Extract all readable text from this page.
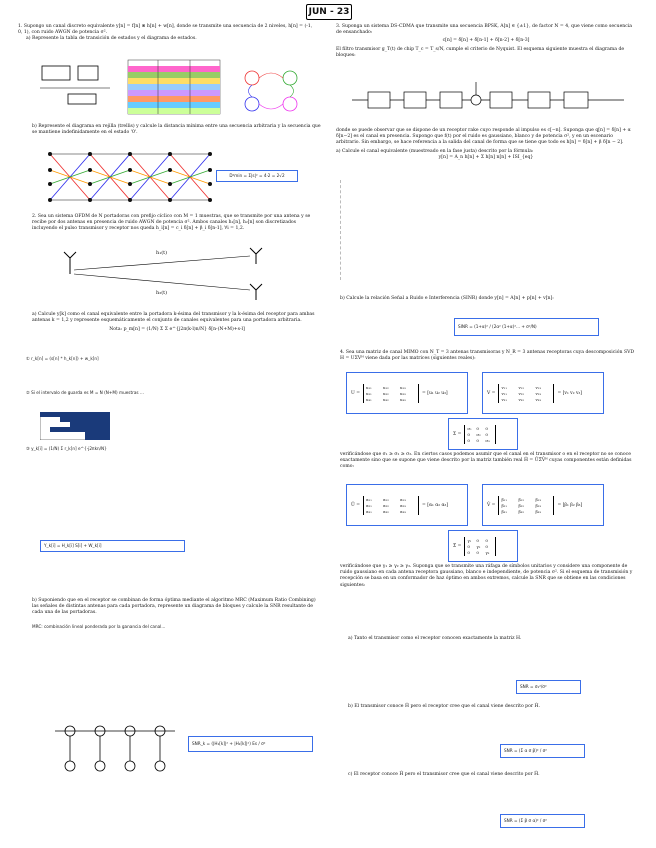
JUN - 23

1. Supongo un canal discreto equivalente y[n] = f[n] ⊗ h[n] + w[n], donde se transmite una secuencia de 2 niveles, h[n] = (-1, 0, 1), con ruido AWGN de potencia σ².

a) Represente la tabla de transición de estados y el diagrama de estados.

b) Represente el diagrama en rejilla (trellis) y calcule la distancia mínima entre una secuencia arbitraria y la secuencia que se mantiene indefinidamente en el estado '0'.

D²min = Σ|s|² = 4·2 = 2√2

2. Sea un sistema OFDM de N portadoras con prefijo cíclico con M = 1 muestras, que se transmite por una antena y se recibe por dos antenas en presencia de ruido AWGN de potencia σ². Ambos canales h₁[n], h₂[n] son discretizados incluyendo el pulso transmisor y receptor nos queda h_i[n] = c_i δ[n] + β_i δ[n-1], ∀i = 1,2.

h₁(t)
h₂(t)

a) Calcule y[k] como el canal equivalente entre la portadora k-ésima del transmisor y la k-ésima del receptor para ambas antenas k = 1,2 y represente esquemáticamente el conjunto de canales equivalentes para una portadora arbitraria.

Nota: p_m[n] = (1/N) Σ Σ e^{j2π(k-l)n/N} δ[n-(N+M)+s-l]

① r_k[n] = (s[n] * h_k[n]) + w_k[n]
② Si el intervalo de guarda es M = N (N+M) muestras ...
③ y_k[i] = (1/N) Σ r_k[n] e^{-j2πkn/N}
Y_k[i] = H_k[i] S[i] + W_k[i]

b) Suponiendo que en el receptor se combinan de forma óptima mediante el algoritmo MRC (Maximum Ratio Combining) las señales de distintas antenas para cada portadora, represente un diagrama de bloques y calcule la SNR resultante de cada una de las portadoras.

MRC: combinación lineal ponderada por la ganancia del canal...
SNR_k = (|H₁[k]|² + |H₂[k]|²) Es / σ²

3. Suponga un sistema DS-CDMA que transmite una secuencia BPSK, A[n] ∈ {±1}, de factor N = 4, que viene como secuencia de ensanchado:

c[n] = δ[n] + δ[n-1] + δ[n-2] + δ[n-3]

El filtro transmisor g_T(t) de chip T_c = T_s/N, cumple el criterio de Nyquist. El esquema siguiente muestra el diagrama de bloques:

donde se puede observar que se dispone de un receptor rake cuyo responde al impulso es c[−n]. Suponga que q[n] = δ[n] + α δ[n−2] es el canal en presencia. Supongo que f(t) por el ruido es gaussiano, blanco y de potencia σ², y en un escenario arbitrario. Sin embargo, se hace referencia a la salida del canal de forma que se tiene que todo es h[n] = δ[n] + β δ[n − 2].

a) Calcule el canal equivalente (muestreado en la fase justa) descrito por la fórmula:

y[n] = A_n h[n] + Σ h[n] n[n] + ISI_{eq}

b) Calcule la relación Señal a Ruido e Interferencia (SINR) donde y[n] = A[n] + p[n] + v[n]:

SINR = (1+α)² / (2α² (1+α)²... + σ²/N)

4. Sea una matriz de canal MIMO con N_T = 3 antenas transmisoras y N_R = 3 antenas receptoras cuya descomposición SVD H = UΣVᴴ viene dada por las matrices (siguientes reales):

U =
u₁₁	u₁₂	u₁₃
u₂₁	u₂₂	u₂₃
u₃₁	u₃₂	u₃₃
= [u₁ u₂ u₃]	V =
v₁₁	v₁₂	v₁₃
v₂₁	v₂₂	v₂₃
v₃₁	v₃₂	v₃₃
= [v₁ v₂ v₃]
Σ =
σ₁	0	0
0	σ₂	0
0	0	σ₃

verificándose que σ₁ ≥ σ₂ ≥ σ₃. En ciertos casos podemos asumir que el canal en el transmisor o en el receptor no se conoce exactamente sino que se supone que viene descrito por la matriz también real Ĥ = ÛΣ̂V̂ᴴ cuyas componentes están definidas como:

Û =
α₁₁	α₁₂	α₁₃
α₂₁	α₂₂	α₂₃
α₃₁	α₃₂	α₃₃
= [α₁ α₂ α₃]	V̂ =
β₁₁	β₁₂	β₁₃
β₂₁	β₂₂	β₂₃
β₃₁	β₃₂	β₃₃
= [β₁ β₂ β₃]
Σ̂ =
γ₁	0	0
0	γ₂	0
0	0	γ₃

verificándose que γ₁ ≥ γ₂ ≥ γ₃. Suponga que se transmite una ráfaga de símbolos unitarios y considere una componente de ruido gaussiano en cada antena receptora gaussiano, blanco e independiente, de potencia σ². Si el esquema de transmisión y recepción se basa en un conformador de haz óptimo en ambos extremos, calcule la SNR que se obtiene en las condiciones siguientes:

a) Tanto el transmisor como el receptor conocen exactamente la matriz H.

SNR = σ₁²/σ²

b) El transmisor conoce Ĥ pero el receptor cree que el canal viene descrito por Ĥ.

SNR = (Σ α σ β)² / σ²

c) El receptor conoce Ĥ pero el transmisor cree que el canal viene descrito por Ĥ.

SNR = (Σ β σ α)² / σ²
